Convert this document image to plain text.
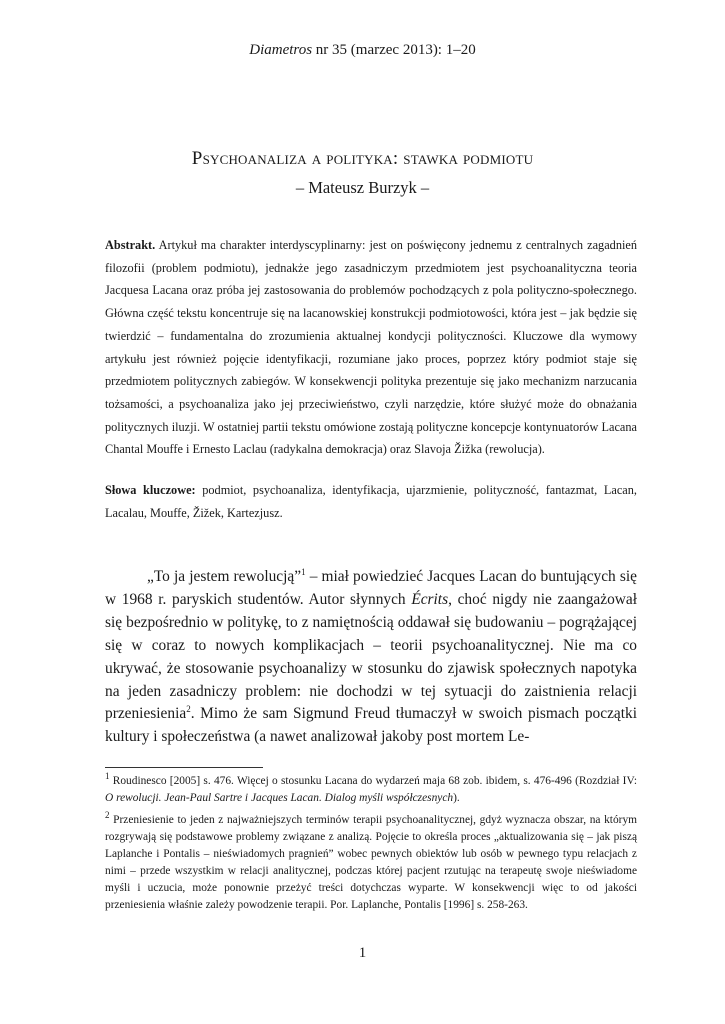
Diametros nr 35 (marzec 2013): 1–20
Psychoanaliza a polityka: stawka podmiotu
– Mateusz Burzyk –
Abstrakt. Artykuł ma charakter interdyscyplinarny: jest on poświęcony jednemu z centralnych zagadnień filozofii (problem podmiotu), jednakże jego zasadniczym przedmiotem jest psychoanalityczna teoria Jacquesa Lacana oraz próba jej zastosowania do problemów pochodzących z pola polityczno-społecznego. Główna część tekstu koncentruje się na lacanowskiej konstrukcji podmiotowości, która jest – jak będzie się twierdzić – fundamentalna do zrozumienia aktualnej kondycji polityczności. Kluczowe dla wymowy artykułu jest również pojęcie identyfikacji, rozumiane jako proces, poprzez który podmiot staje się przedmiotem politycznych zabiegów. W konsekwencji polityka prezentuje się jako mechanizm narzucania tożsamości, a psychoanaliza jako jej przeciwieństwo, czyli narzędzie, które służyć może do obnażania politycznych iluzji. W ostatniej partii tekstu omówione zostają polityczne koncepcje kontynuatorów Lacana Chantal Mouffe i Ernesto Laclau (radykalna demokracja) oraz Slavoja Žižka (rewolucja).
Słowa kluczowe: podmiot, psychoanaliza, identyfikacja, ujarzmienie, polityczność, fantazmat, Lacan, Lacalau, Mouffe, Žižek, Kartezjusz.

„To ja jestem rewolucją”$^1$ – miał powiedzieć Jacques Lacan do buntujących się w 1968 r. paryskich studentów. Autor słynnych Écrits, choć nigdy nie zaangażował się bezpośrednio w politykę, to z namiętnością oddawał się budowaniu – pogrążającej się w coraz to nowych komplikacjach – teorii psychoanalitycznej. Nie ma co ukrywać, że stosowanie psychoanalizy w stosunku do zjawisk społecznych napotyka na jeden zasadniczy problem: nie dochodzi w tej sytuacji do zaistnienia relacji przeniesienia$^2$. Mimo że sam Sigmund Freud tłumaczył w swoich pismach początki kultury i społeczeństwa (a nawet analizował jakoby post mortem Le-

$^1$ Roudinesco [2005] s. 476. Więcej o stosunku Lacana do wydarzeń maja 68 zob. ibidem, s. 476-496 (Rozdział IV: O rewolucji. Jean-Paul Sartre i Jacques Lacan. Dialog myśli współczesnych).

$^2$ Przeniesienie to jeden z najważniejszych terminów terapii psychoanalitycznej, gdyż wyznacza obszar, na którym rozgrywają się podstawowe problemy związane z analizą. Pojęcie to określa proces „aktualizowania się – jak piszą Laplanche i Pontalis – nieświadomych pragnień” wobec pewnych obiektów lub osób w pewnego typu relacjach z nimi – przede wszystkim w relacji analitycznej, podczas której pacjent rzutując na terapeutę swoje nieświadome myśli i uczucia, może ponownie przeżyć treści dotychczas wyparte. W konsekwencji więc to od jakości przeniesienia właśnie zależy powodzenie terapii. Por. Laplanche, Pontalis [1996] s. 258-263.

1
